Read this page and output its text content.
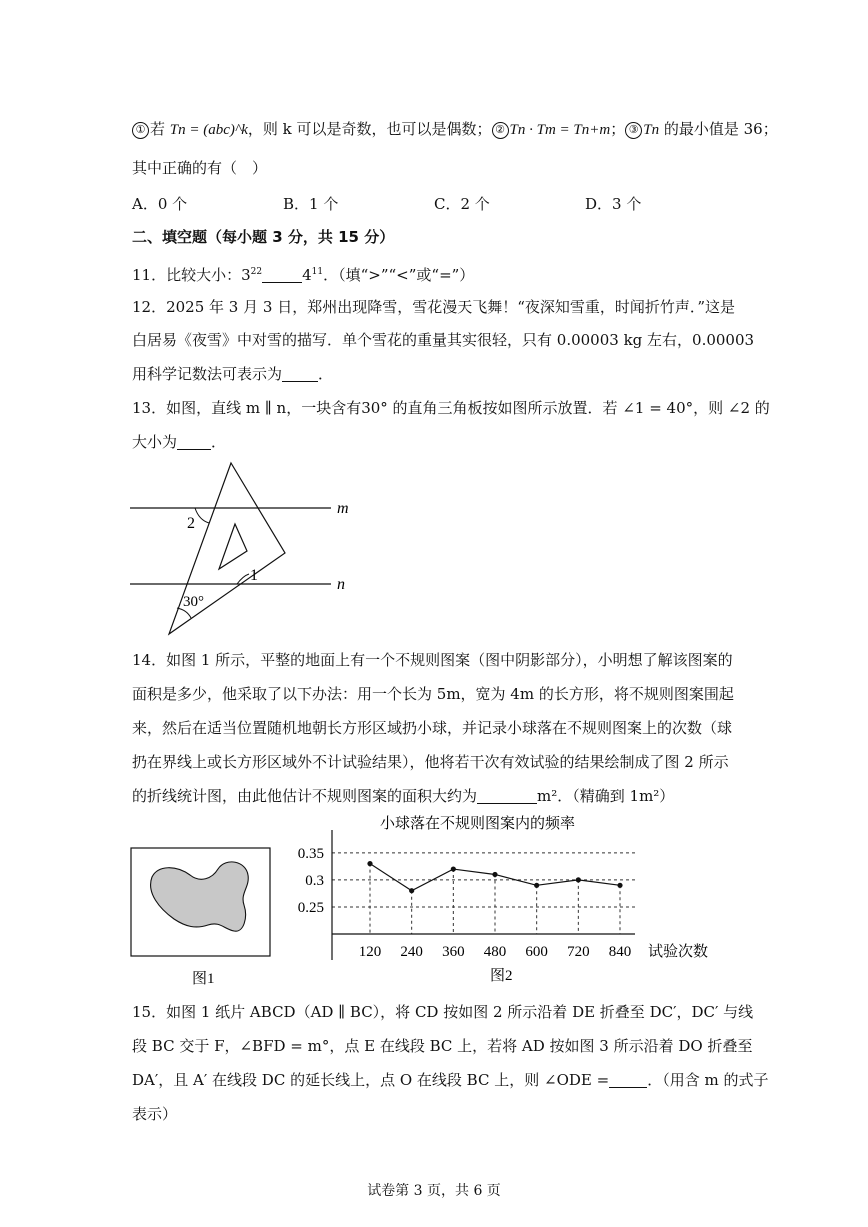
① 若 Tn = (abc)^k，则 k 可以是奇数，也可以是偶数； ② Tn · Tm = Tn+m； ③ Tn 的最小值是 36；
其中正确的有（　）
A．0 个	B．1 个	C．2 个	D．3 个
二、填空题（每小题 3 分，共 15 分）
11．比较大小：$3^{22}$	$4^{11}$．（填“>”“<”或“=”）
12．2025 年 3 月 3 日，郑州出现降雪，雪花漫天飞舞！“夜深知雪重，时闻折竹声．”这是
白居易《夜雪》中对雪的描写．单个雪花的重量其实很轻，只有 0.00003 kg 左右，0.00003
用科学记数法可表示为 ．
13．如图，直线 m ∥ n，一块含有30° 的直角三角板按如图所示放置．若 ∠1 = 40°，则 ∠2 的
大小为 ．
m
n
2
1
30°
14．如图 1 所示，平整的地面上有一个不规则图案（图中阴影部分），小明想了解该图案的
面积是多少，他采取了以下办法：用一个长为 5m，宽为 4m 的长方形，将不规则图案围起
来，然后在适当位置随机地朝长方形区域扔小球，并记录小球落在不规则图案上的次数（球
扔在界线上或长方形区域外不计试验结果），他将若干次有效试验的结果绘制成了图 2 所示
的折线统计图，由此他估计不规则图案的面积大约为	m²．（精确到 1m²）
图1
小球落在不规则图案内的频率
0.35
0.3
0.25
120 240 360 480 600 720 840 试验次数
图2
15．如图 1 纸片 ABCD（AD ∥ BC），将 CD 按如图 2 所示沿着 DE 折叠至 DC′，DC′ 与线
段 BC 交于 F，∠BFD = m°，点 E 在线段 BC 上，若将 AD 按如图 3 所示沿着 DO 折叠至
DA′，且 A′ 在线段 DC 的延长线上，点 O 在线段 BC 上，则 ∠ODE =	．（用含 m 的式子
表示）
试卷第 3 页，共 6 页
